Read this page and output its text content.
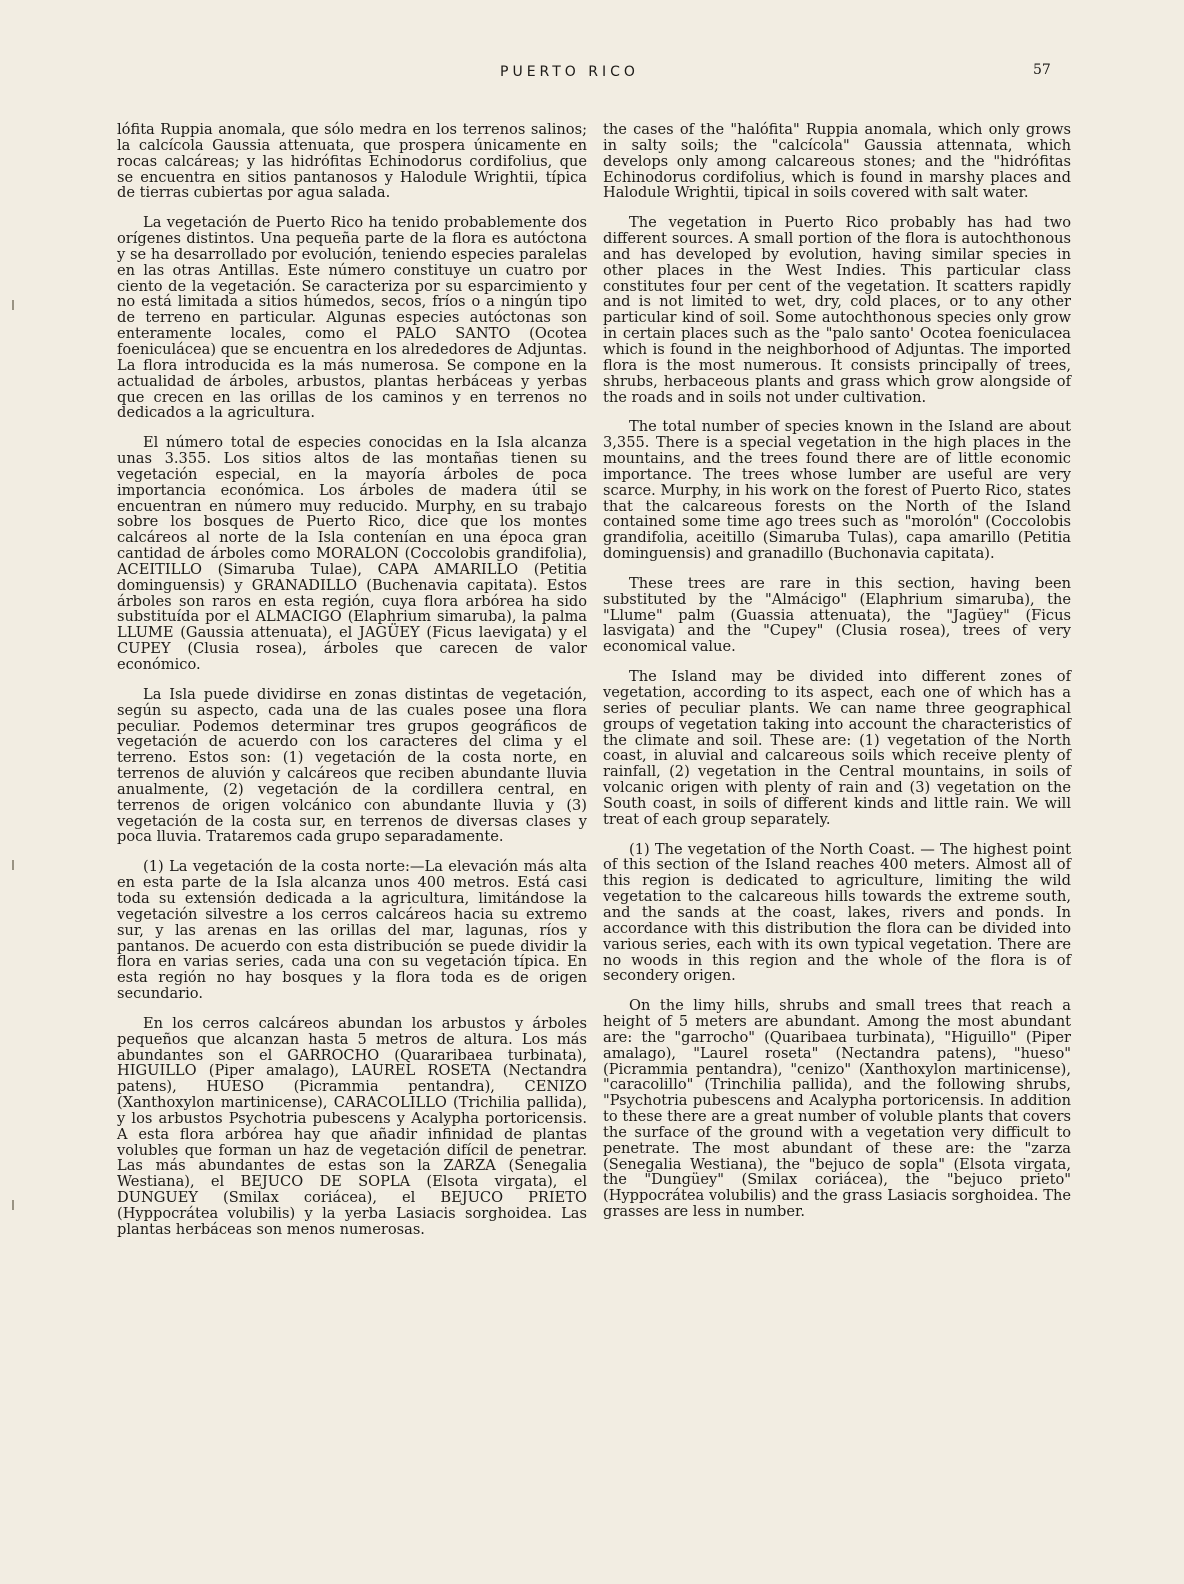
PUERTO RICO	57

lófita Ruppia anomala, que sólo medra en los terrenos salinos; la calcícola Gaussia attenuata, que prospera únicamente en rocas calcáreas; y las hidrófitas Echinodorus cordifolius, que se encuentra en sitios pantanosos y Halodule Wrightii, típica de tierras cubiertas por agua salada.

La vegetación de Puerto Rico ha tenido probablemente dos orígenes distintos. Una pequeña parte de la flora es autóctona y se ha desarrollado por evolución, teniendo especies paralelas en las otras Antillas. Este número constituye un cuatro por ciento de la vegetación. Se caracteriza por su esparcimiento y no está limitada a sitios húmedos, secos, fríos o a ningún tipo de terreno en particular. Algunas especies autóctonas son enteramente locales, como el PALO SANTO (Ocotea foeniculácea) que se encuentra en los alrededores de Adjuntas. La flora introducida es la más numerosa. Se compone en la actualidad de árboles, arbustos, plantas herbáceas y yerbas que crecen en las orillas de los caminos y en terrenos no dedicados a la agricultura.

El número total de especies conocidas en la Isla alcanza unas 3.355. Los sitios altos de las montañas tienen su vegetación especial, en la mayoría árboles de poca importancia económica. Los árboles de madera útil se encuentran en número muy reducido. Murphy, en su trabajo sobre los bosques de Puerto Rico, dice que los montes calcáreos al norte de la Isla contenían en una época gran cantidad de árboles como MORALON (Coccolobis grandifolia), ACEITILLO (Simaruba Tulae), CAPA AMARILLO (Petitia dominguensis) y GRANADILLO (Buchenavia capitata). Estos árboles son raros en esta región, cuya flora arbórea ha sido substituída por el ALMACIGO (Elaphrium simaruba), la palma LLUME (Gaussia attenuata), el JAGÜEY (Ficus laevigata) y el CUPEY (Clusia rosea), árboles que carecen de valor económico.

La Isla puede dividirse en zonas distintas de vegetación, según su aspecto, cada una de las cuales posee una flora peculiar. Podemos determinar tres grupos geográficos de vegetación de acuerdo con los caracteres del clima y el terreno. Estos son: (1) vegetación de la costa norte, en terrenos de aluvión y calcáreos que reciben abundante lluvia anualmente, (2) vegetación de la cordillera central, en terrenos de origen volcánico con abundante lluvia y (3) vegetación de la costa sur, en terrenos de diversas clases y poca lluvia. Trataremos cada grupo separadamente.

(1) La vegetación de la costa norte:—La elevación más alta en esta parte de la Isla alcanza unos 400 metros. Está casi toda su extensión dedicada a la agricultura, limitándose la vegetación silvestre a los cerros calcáreos hacia su extremo sur, y las arenas en las orillas del mar, lagunas, ríos y pantanos. De acuerdo con esta distribución se puede dividir la flora en varias series, cada una con su vegetación típica. En esta región no hay bosques y la flora toda es de origen secundario.

En los cerros calcáreos abundan los arbustos y árboles pequeños que alcanzan hasta 5 metros de altura. Los más abundantes son el GARROCHO (Quararibaea turbinata), HIGUILLO (Piper amalago), LAUREL ROSETA (Nectandra patens), HUESO (Picrammia pentandra), CENIZO (Xanthoxylon martinicense), CARACOLILLO (Trichilia pallida), y los arbustos Psychotria pubescens y Acalypha portoricensis. A esta flora arbórea hay que añadir infinidad de plantas volubles que forman un haz de vegetación difícil de penetrar. Las más abundantes de estas son la ZARZA (Senegalia Westiana), el BEJUCO DE SOPLA (Elsota virgata), el DUNGUEY (Smilax coriácea), el BEJUCO PRIETO (Hyppocrátea volubilis) y la yerba Lasiacis sorghoidea. Las plantas herbáceas son menos numerosas.

the cases of the "halófita" Ruppia anomala, which only grows in salty soils; the "calcícola" Gaussia attennata, which develops only among calcareous stones; and the "hidrófitas Echinodorus cordifolius, which is found in marshy places and Halodule Wrightii, tipical in soils covered with salt water.

The vegetation in Puerto Rico probably has had two different sources. A small portion of the flora is autochthonous and has developed by evolution, having similar species in other places in the West Indies. This particular class constitutes four per cent of the vegetation. It scatters rapidly and is not limited to wet, dry, cold places, or to any other particular kind of soil. Some autochthonous species only grow in certain places such as the "palo santo' Ocotea foeniculacea which is found in the neighborhood of Adjuntas. The imported flora is the most numerous. It consists principally of trees, shrubs, herbaceous plants and grass which grow alongside of the roads and in soils not under cultivation.

The total number of species known in the Island are about 3,355. There is a special vegetation in the high places in the mountains, and the trees found there are of little economic importance. The trees whose lumber are useful are very scarce. Murphy, in his work on the forest of Puerto Rico, states that the calcareous forests on the North of the Island contained some time ago trees such as "morolón" (Coccolobis grandifolia, aceitillo (Simaruba Tulas), capa amarillo (Petitia dominguensis) and granadillo (Buchonavia capitata).

These trees are rare in this section, having been substituted by the "Almácigo" (Elaphrium simaruba), the "Llume" palm (Guassia attenuata), the "Jagüey" (Ficus lasvigata) and the "Cupey" (Clusia rosea), trees of very economical value.

The Island may be divided into different zones of vegetation, according to its aspect, each one of which has a series of peculiar plants. We can name three geographical groups of vegetation taking into account the characteristics of the climate and soil. These are: (1) vegetation of the North coast, in aluvial and calcareous soils which receive plenty of rainfall, (2) vegetation in the Central mountains, in soils of volcanic origen with plenty of rain and (3) vegetation on the South coast, in soils of different kinds and little rain. We will treat of each group separately.

(1) The vegetation of the North Coast. — The highest point of this section of the Island reaches 400 meters. Almost all of this region is dedicated to agriculture, limiting the wild vegetation to the calcareous hills towards the extreme south, and the sands at the coast, lakes, rivers and ponds. In accordance with this distribution the flora can be divided into various series, each with its own typical vegetation. There are no woods in this region and the whole of the flora is of secondery origen.

On the limy hills, shrubs and small trees that reach a height of 5 meters are abundant. Among the most abundant are: the "garrocho" (Quaribaea turbinata), "Higuillo" (Piper amalago), "Laurel roseta" (Nectandra patens), "hueso" (Picrammia pentandra), "cenizo" (Xanthoxylon martinicense), "caracolillo" (Trinchilia pallida), and the following shrubs, "Psychotria pubescens and Acalypha portoricensis. In addition to these there are a great number of voluble plants that covers the surface of the ground with a vegetation very difficult to penetrate. The most abundant of these are: the "zarza (Senegalia Westiana), the "bejuco de sopla" (Elsota virgata, the "Dungüey" (Smilax coriácea), the "bejuco prieto" (Hyppocrátea volubilis) and the grass Lasiacis sorghoidea. The grasses are less in number.
